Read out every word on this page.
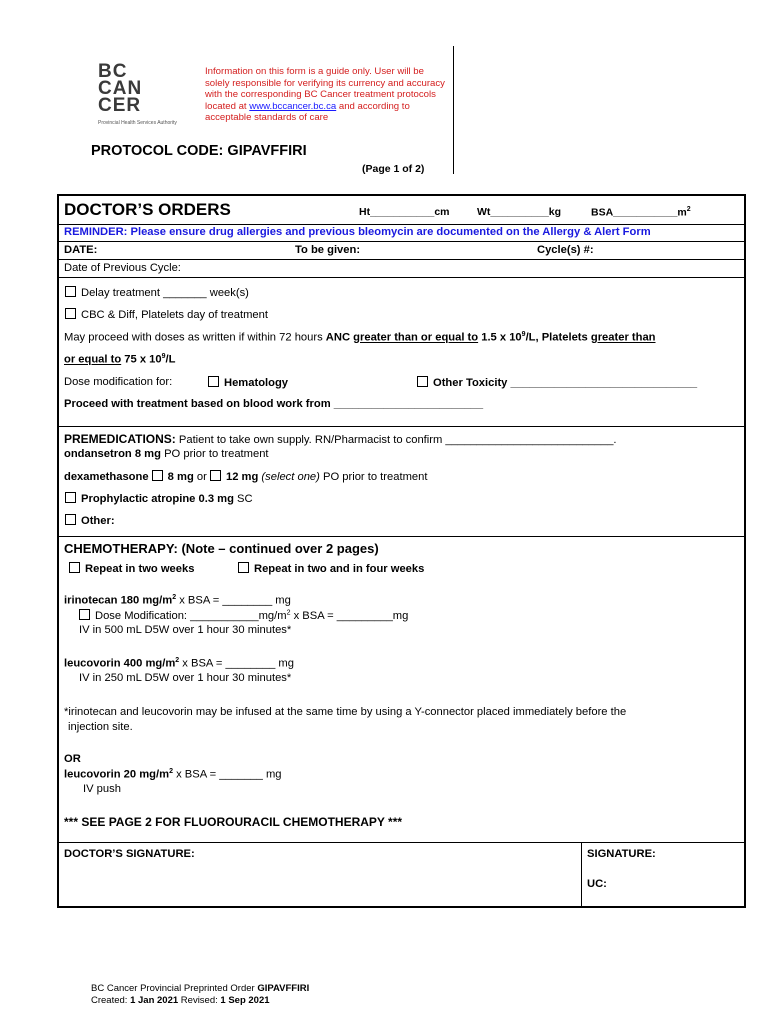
BC
CAN
CER
Provincial Health Services Authority
Information on this form is a guide only. User will be solely responsible for verifying its currency and accuracy with the corresponding BC Cancer treatment protocols located at www.bccancer.bc.ca and according to acceptable standards of care
PROTOCOL CODE: GIPAVFFIRI
(Page 1 of 2)
DOCTOR’S ORDERS	Ht___________cm	Wt__________kg	$BSA\_\_\_\_\_\_\_\_\_\_\_m^2$
REMINDER: Please ensure drug allergies and previous bleomycin are documented on the Allergy & Alert Form
DATE:	To be given:	Cycle(s) #:
Date of Previous Cycle:
Delay treatment _______ week(s)
CBC & Diff, Platelets day of treatment
May proceed with doses as written if within 72 hours ANC greater than or equal to 1.5 x $10^9/L$, Platelets greater than
or equal to 75 x $10^9/L$
Dose modification for:	Hematology	Other Toxicity ______________________________
Proceed with treatment based on blood work from ________________________
PREMEDICATIONS: Patient to take own supply. RN/Pharmacist to confirm ___________________________.
ondansetron 8 mg PO prior to treatment
dexamethasone 8 mg or 12 mg (select one) PO prior to treatment
Prophylactic atropine 0.3 mg SC
Other:
CHEMOTHERAPY: (Note – continued over 2 pages)
Repeat in two weeks	Repeat in two and in four weeks
irinotecan 180 $mg/m^2$ x BSA = ________ mg
Dose Modification: $\_\_\_\_\_\_\_\_\_\_\_mg/m^2$ x BSA = _________mg
IV in 500 mL D5W over 1 hour 30 minutes*
leucovorin 400 $mg/m^2$ x BSA = ________ mg
IV in 250 mL D5W over 1 hour 30 minutes*
*irinotecan and leucovorin may be infused at the same time by using a Y-connector placed immediately before the
injection site.
OR
leucovorin 20 $mg/m^2$ x BSA = _______ mg
IV push
*** SEE PAGE 2 FOR FLUOROURACIL CHEMOTHERAPY ***
DOCTOR’S SIGNATURE:	SIGNATURE:
UC:
BC Cancer Provincial Preprinted Order GIPAVFFIRI
Created: 1 Jan 2021 Revised: 1 Sep 2021
